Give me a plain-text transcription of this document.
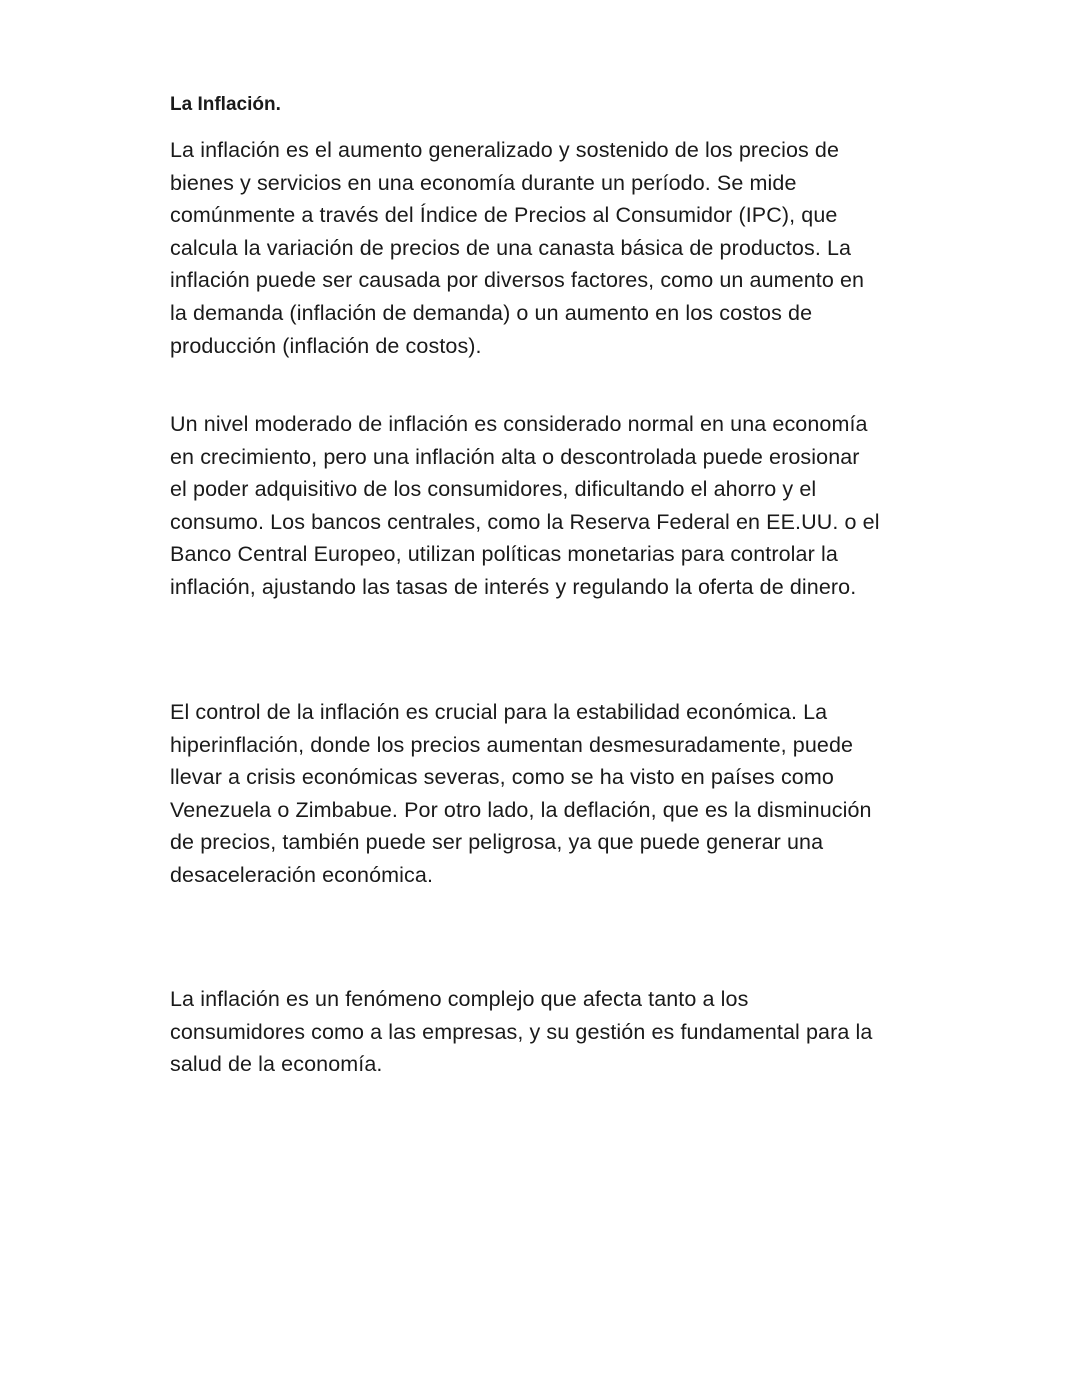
La Inflación.

La inflación es el aumento generalizado y sostenido de los precios de bienes y servicios en una economía durante un período. Se mide comúnmente a través del Índice de Precios al Consumidor (IPC), que calcula la variación de precios de una canasta básica de productos. La inflación puede ser causada por diversos factores, como un aumento en la demanda (inflación de demanda) o un aumento en los costos de producción (inflación de costos).

Un nivel moderado de inflación es considerado normal en una economía en crecimiento, pero una inflación alta o descontrolada puede erosionar el poder adquisitivo de los consumidores, dificultando el ahorro y el consumo. Los bancos centrales, como la Reserva Federal en EE.UU. o el Banco Central Europeo, utilizan políticas monetarias para controlar la inflación, ajustando las tasas de interés y regulando la oferta de dinero.

El control de la inflación es crucial para la estabilidad económica. La hiperinflación, donde los precios aumentan desmesuradamente, puede llevar a crisis económicas severas, como se ha visto en países como Venezuela o Zimbabue. Por otro lado, la deflación, que es la disminución de precios, también puede ser peligrosa, ya que puede generar una desaceleración económica.

La inflación es un fenómeno complejo que afecta tanto a los consumidores como a las empresas, y su gestión es fundamental para la salud de la economía.
